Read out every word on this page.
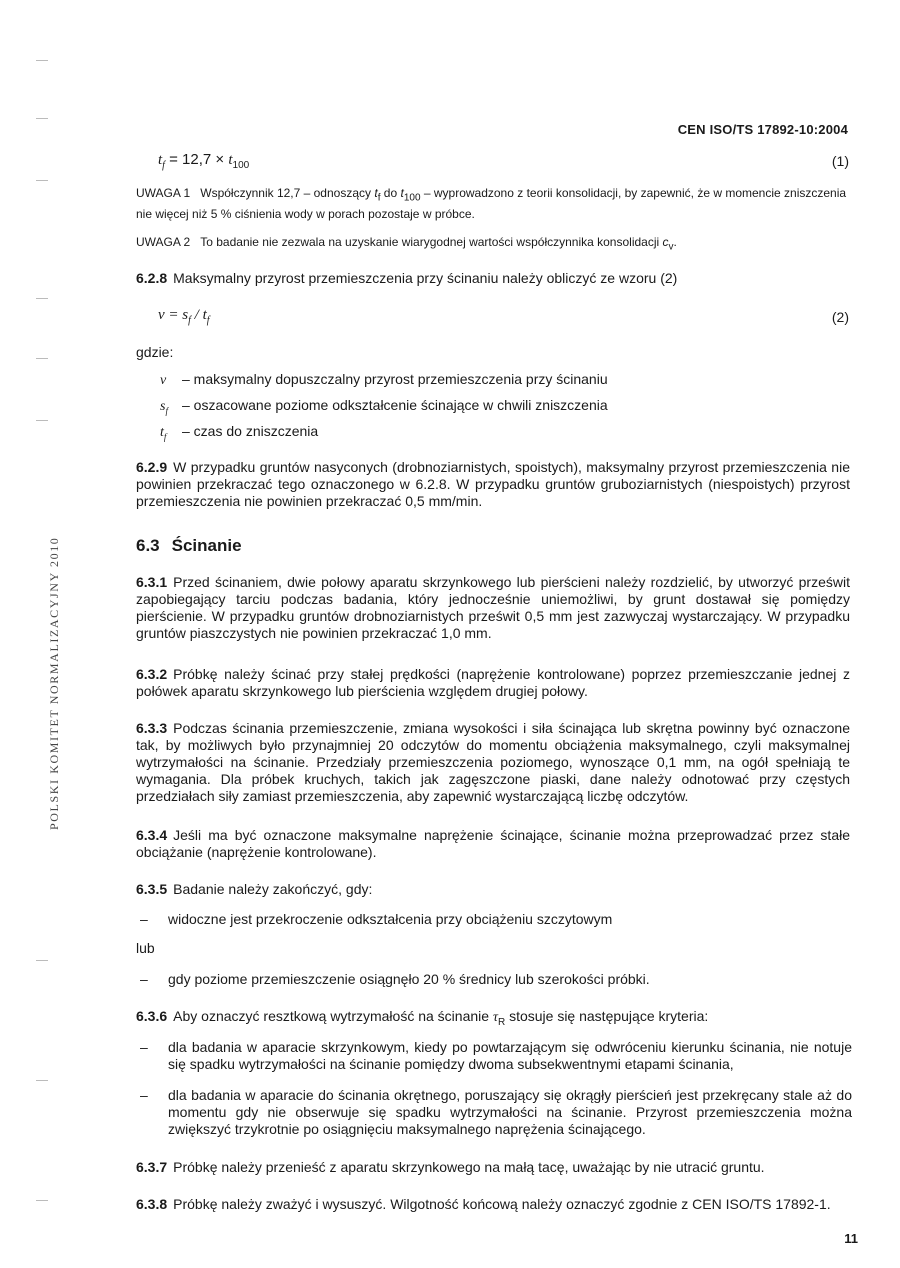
CEN ISO/TS 17892-10:2004
$t_f = 12,7 \times t_{100}$	(1)
UWAGA 1 Współczynnik 12,7 – odnoszący $t_f$ do $t_{100}$ – wyprowadzono z teorii konsolidacji, by zapewnić, że w momencie zniszczenia nie więcej niż 5 % ciśnienia wody w porach pozostaje w próbce.
UWAGA 2 To badanie nie zezwala na uzyskanie wiarygodnej wartości współczynnika konsolidacji $c_v$.
6.2.8 Maksymalny przyrost przemieszczenia przy ścinaniu należy obliczyć ze wzoru (2)
$v = s_f / t_f$	(2)
gdzie:
v – maksymalny dopuszczalny przyrost przemieszczenia przy ścinaniu
$s_f$ – oszacowane poziome odkształcenie ścinające w chwili zniszczenia
$t_f$ – czas do zniszczenia
6.2.9 W przypadku gruntów nasyconych (drobnoziarnistych, spoistych), maksymalny przyrost przemieszczenia nie powinien przekraczać tego oznaczonego w 6.2.8. W przypadku gruntów gruboziarnistych (niespoistych) przyrost przemieszczenia nie powinien przekraczać 0,5 mm/min.
6.3 Ścinanie
6.3.1 Przed ścinaniem, dwie połowy aparatu skrzynkowego lub pierścieni należy rozdzielić, by utworzyć prześwit zapobiegający tarciu podczas badania, który jednocześnie uniemożliwi, by grunt dostawał się pomiędzy pierścienie. W przypadku gruntów drobnoziarnistych prześwit 0,5 mm jest zazwyczaj wystarczający. W przypadku gruntów piaszczystych nie powinien przekraczać 1,0 mm.
6.3.2 Próbkę należy ścinać przy stałej prędkości (naprężenie kontrolowane) poprzez przemieszczanie jednej z połówek aparatu skrzynkowego lub pierścienia względem drugiej połowy.
6.3.3 Podczas ścinania przemieszczenie, zmiana wysokości i siła ścinająca lub skrętna powinny być oznaczone tak, by możliwych było przynajmniej 20 odczytów do momentu obciążenia maksymalnego, czyli maksymalnej wytrzymałości na ścinanie. Przedziały przemieszczenia poziomego, wynoszące 0,1 mm, na ogół spełniają te wymagania. Dla próbek kruchych, takich jak zagęszczone piaski, dane należy odnotować przy częstych przedziałach siły zamiast przemieszczenia, aby zapewnić wystarczającą liczbę odczytów.
6.3.4 Jeśli ma być oznaczone maksymalne naprężenie ścinające, ścinanie można przeprowadzać przez stałe obciążanie (naprężenie kontrolowane).
6.3.5 Badanie należy zakończyć, gdy:
– widoczne jest przekroczenie odkształcenia przy obciążeniu szczytowym
lub
– gdy poziome przemieszczenie osiągnęło 20 % średnicy lub szerokości próbki.
6.3.6 Aby oznaczyć resztkową wytrzymałość na ścinanie $\tau_R$ stosuje się następujące kryteria:
– dla badania w aparacie skrzynkowym, kiedy po powtarzającym się odwróceniu kierunku ścinania, nie notuje się spadku wytrzymałości na ścinanie pomiędzy dwoma subsekwentnymi etapami ścinania,
– dla badania w aparacie do ścinania okrętnego, poruszający się okrągły pierścień jest przekręcany stale aż do momentu gdy nie obserwuje się spadku wytrzymałości na ścinanie. Przyrost przemieszczenia można zwiększyć trzykrotnie po osiągnięciu maksymalnego naprężenia ścinającego.
6.3.7 Próbkę należy przenieść z aparatu skrzynkowego na małą tacę, uważając by nie utracić gruntu.
6.3.8 Próbkę należy zważyć i wysuszyć. Wilgotność końcową należy oznaczyć zgodnie z CEN ISO/TS 17892-1.
POLSKI KOMITET NORMALIZACYJNY 2010
11
